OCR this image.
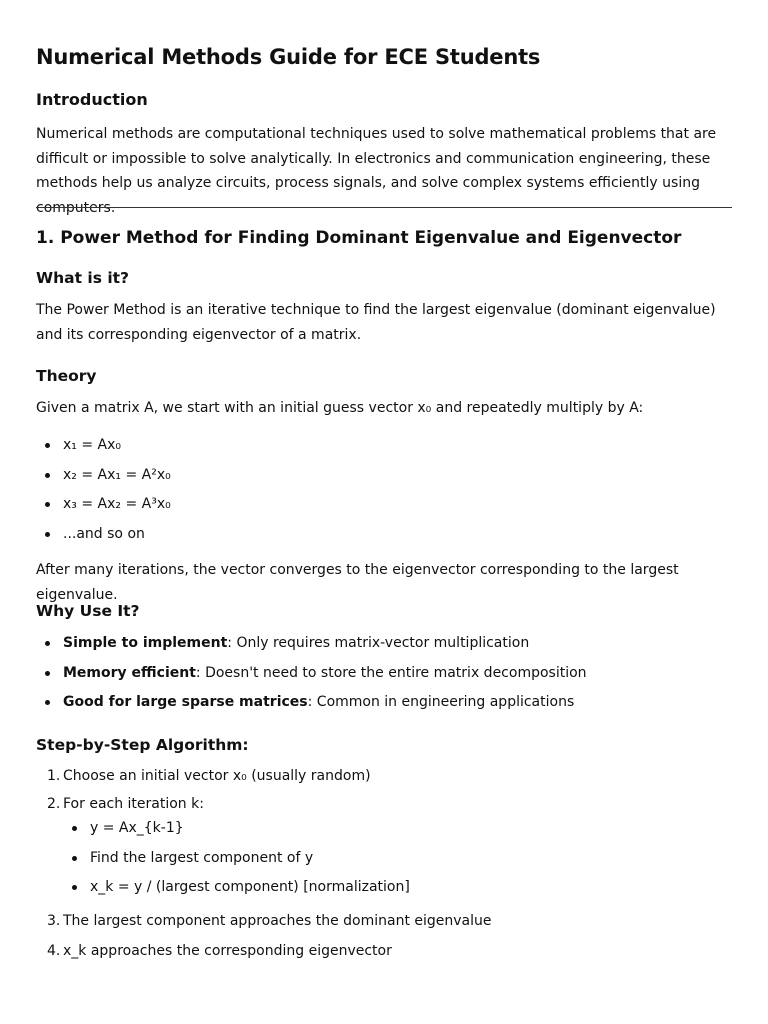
Numerical Methods Guide for ECE Students
Introduction

Numerical methods are computational techniques used to solve mathematical problems that are difficult or impossible to solve analytically. In electronics and communication engineering, these methods help us analyze circuits, process signals, and solve complex systems efficiently using computers.

1. Power Method for Finding Dominant Eigenvalue and Eigenvector
What is it?

The Power Method is an iterative technique to find the largest eigenvalue (dominant eigenvalue) and its corresponding eigenvector of a matrix.

Theory

Given a matrix A, we start with an initial guess vector x₀ and repeatedly multiply by A:

x₁ = Ax₀
x₂ = Ax₁ = A²x₀
x₃ = Ax₂ = A³x₀
...and so on

After many iterations, the vector converges to the eigenvector corresponding to the largest eigenvalue.

Why Use It?
Simple to implement: Only requires matrix-vector multiplication
Memory efficient: Doesn't need to store the entire matrix decomposition
Good for large sparse matrices: Common in engineering applications
Step-by-Step Algorithm:
1. Choose an initial vector x₀ (usually random)
2. For each iteration k:
y = Ax_{k-1}
Find the largest component of y
x_k = y / (largest component) [normalization]
3. The largest component approaches the dominant eigenvalue
4. x_k approaches the corresponding eigenvector
